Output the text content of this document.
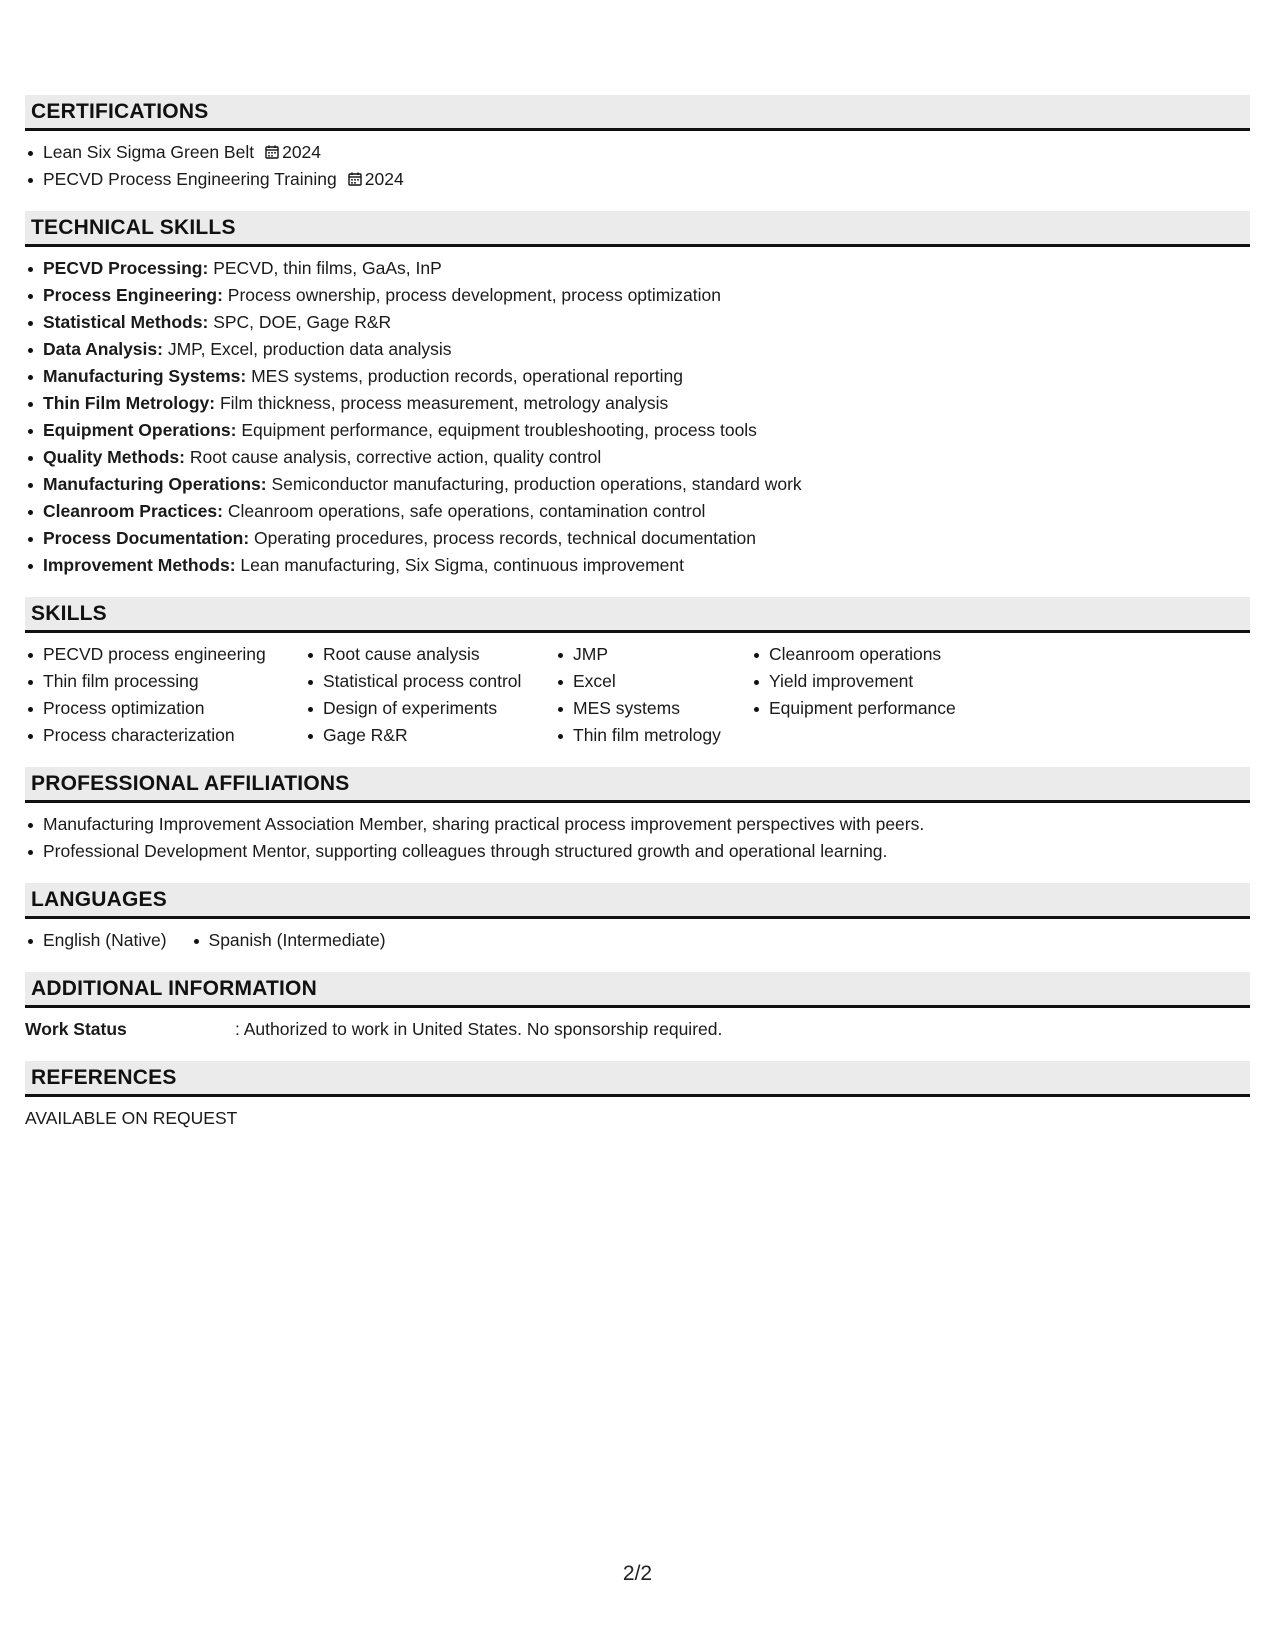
CERTIFICATIONS
Lean Six Sigma Green Belt 2024
PECVD Process Engineering Training 2024
TECHNICAL SKILLS
PECVD Processing: PECVD, thin films, GaAs, InP
Process Engineering: Process ownership, process development, process optimization
Statistical Methods: SPC, DOE, Gage R&R
Data Analysis: JMP, Excel, production data analysis
Manufacturing Systems: MES systems, production records, operational reporting
Thin Film Metrology: Film thickness, process measurement, metrology analysis
Equipment Operations: Equipment performance, equipment troubleshooting, process tools
Quality Methods: Root cause analysis, corrective action, quality control
Manufacturing Operations: Semiconductor manufacturing, production operations, standard work
Cleanroom Practices: Cleanroom operations, safe operations, contamination control
Process Documentation: Operating procedures, process records, technical documentation
Improvement Methods: Lean manufacturing, Six Sigma, continuous improvement
SKILLS
PECVD process engineering
Thin film processing
Process optimization
Process characterization
Root cause analysis
Statistical process control
Design of experiments
Gage R&R
JMP
Excel
MES systems
Thin film metrology
Cleanroom operations
Yield improvement
Equipment performance
PROFESSIONAL AFFILIATIONS
Manufacturing Improvement Association Member, sharing practical process improvement perspectives with peers.
Professional Development Mentor, supporting colleagues through structured growth and operational learning.
LANGUAGES
English (Native) Spanish (Intermediate)
ADDITIONAL INFORMATION
Work Status	: Authorized to work in United States. No sponsorship required.
REFERENCES
AVAILABLE ON REQUEST
2/2
